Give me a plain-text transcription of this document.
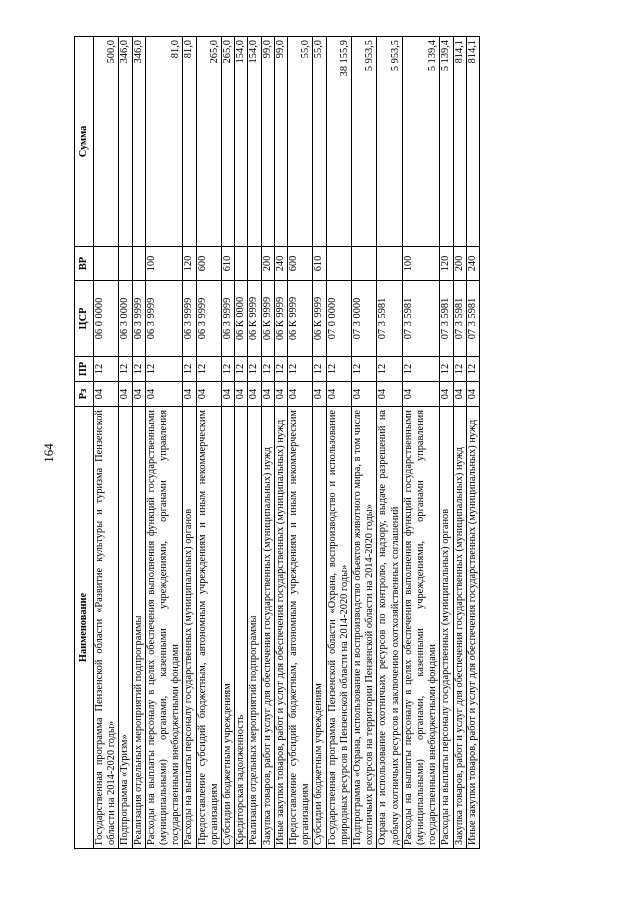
164
Наименование	Рз	ПР	ЦСР	ВР	Сумма
Государственная программа Пензенской области «Развитие культуры и туризма Пензенской области на 2014-2020 годы»	04	12	06 0 0000		500,0
Подпрограмма «Туризм»	04	12	06 3 0000		346,0
Реализация отдельных мероприятий подпрограммы	04	12	06 3 9999		346,0
Расходы на выплаты персоналу в целях обеспечения выполнения функций государственными (муниципальными) органами, казенными учреждениями, органами управления государственными внебюджетными фондами	04	12	06 3 9999	100	81,0
Расходы на выплаты персоналу государственных (муниципальных) органов	04	12	06 3 9999	120	81,0
Предоставление субсидий бюджетным, автономным учреждениям и иным некоммерческим организациям	04	12	06 3 9999	600	265,0
Субсидии бюджетным учреждениям	04	12	06 3 9999	610	265,0
Кредиторская задолженность	04	12	06 К 0000		154,0
Реализация отдельных мероприятий подпрограммы	04	12	06 К 9999		154,0
Закупка товаров, работ и услуг для обеспечения государственных (муниципальных) нужд	04	12	06 К 9999	200	99,0
Иные закупки товаров, работ и услуг для обеспечения государственных (муниципальных) нужд	04	12	06 К 9999	240	99,0
Предоставление субсидий бюджетным, автономным учреждениям и иным некоммерческим организациям	04	12	06 К 9999	600	55,0
Субсидии бюджетным учреждениям	04	12	06 К 9999	610	55,0
Государственная программа Пензенской области «Охрана, воспроизводство и использование природных ресурсов в Пензенской области на 2014-2020 годы»	04	12	07 0 0000		38 155,9
Подпрограмма «Охрана, использование и воспроизводство объектов животного мира, в том числе охотничьих ресурсов на территории Пензенской области на 2014-2020 годы»	04	12	07 3 0000		5 953,5
Охрана и использование охотничьих ресурсов по контролю, надзору, выдаче разрешений на добычу охотничьих ресурсов и заключению охотхозяйственных соглашений	04	12	07 3 5981		5 953,5
Расходы на выплаты персоналу в целях обеспечения выполнения функций государственными (муниципальными) органами, казенными учреждениями, органами управления государственными внебюджетными фондами	04	12	07 3 5981	100	5 139,4
Расходы на выплаты персоналу государственных (муниципальных) органов	04	12	07 3 5981	120	5 139,4
Закупка товаров, работ и услуг для обеспечения государственных (муниципальных) нужд	04	12	07 3 5981	200	814,1
Иные закупки товаров, работ и услуг для обеспечения государственных (муниципальных) нужд	04	12	07 3 5981	240	814,1
